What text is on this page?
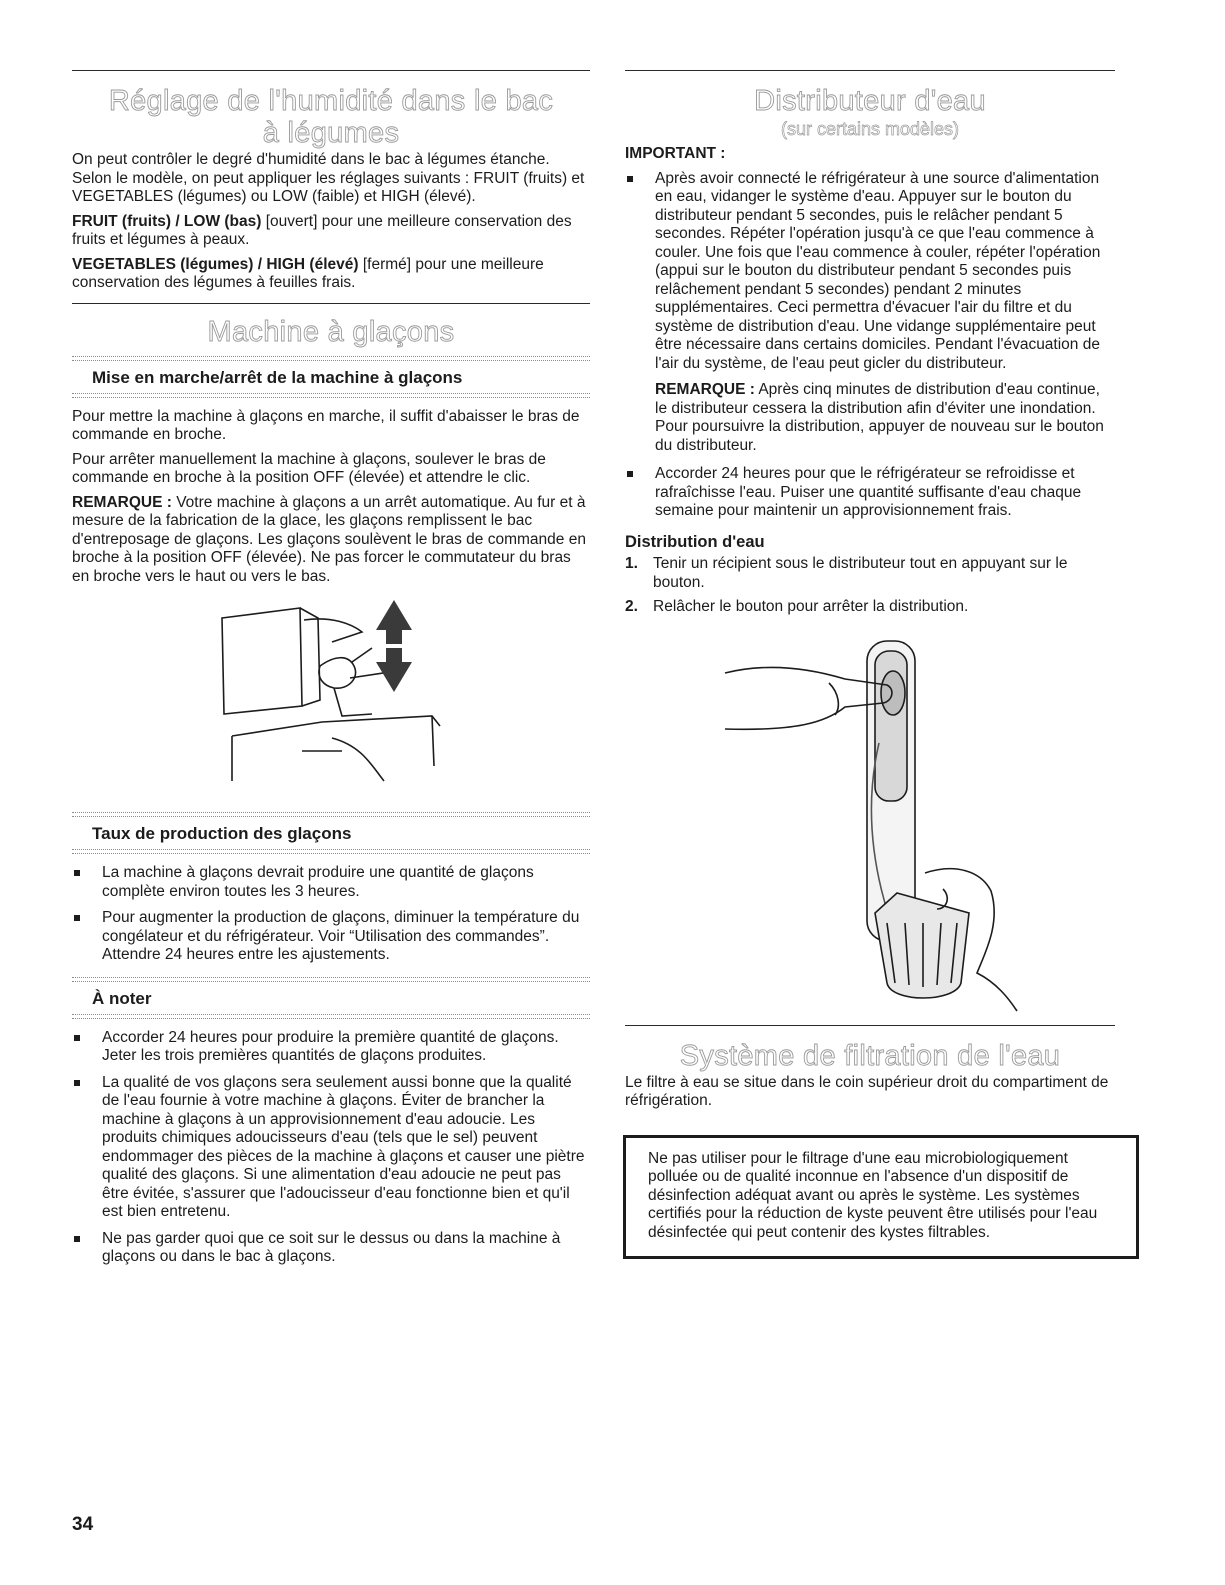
Réglage de l'humidité dans le bac
à légumes

On peut contrôler le degré d'humidité dans le bac à légumes étanche. Selon le modèle, on peut appliquer les réglages suivants : FRUIT (fruits) et VEGETABLES (légumes) ou LOW (faible) et HIGH (élevé).

FRUIT (fruits) / LOW (bas) [ouvert] pour une meilleure conservation des fruits et légumes à peaux.

VEGETABLES (légumes) / HIGH (élevé) [fermé] pour une meilleure conservation des légumes à feuilles frais.

Machine à glaçons
Mise en marche/arrêt de la machine à glaçons

Pour mettre la machine à glaçons en marche, il suffit d'abaisser le bras de commande en broche.

Pour arrêter manuellement la machine à glaçons, soulever le bras de commande en broche à la position OFF (élevée) et attendre le clic.

REMARQUE : Votre machine à glaçons a un arrêt automatique. Au fur et à mesure de la fabrication de la glace, les glaçons remplissent le bac d'entreposage de glaçons. Les glaçons soulèvent le bras de commande en broche à la position OFF (élevée). Ne pas forcer le commutateur du bras en broche vers le haut ou vers le bas.

Taux de production des glaçons
La machine à glaçons devrait produire une quantité de glaçons complète environ toutes les 3 heures.
Pour augmenter la production de glaçons, diminuer la température du congélateur et du réfrigérateur. Voir “Utilisation des commandes”. Attendre 24 heures entre les ajustements.
À noter
Accorder 24 heures pour produire la première quantité de glaçons. Jeter les trois premières quantités de glaçons produites.
La qualité de vos glaçons sera seulement aussi bonne que la qualité de l'eau fournie à votre machine à glaçons. Éviter de brancher la machine à glaçons à un approvisionnement d'eau adoucie. Les produits chimiques adoucisseurs d'eau (tels que le sel) peuvent endommager des pièces de la machine à glaçons et causer une piètre qualité des glaçons. Si une alimentation d'eau adoucie ne peut pas être évitée, s'assurer que l'adoucisseur d'eau fonctionne bien et qu'il est bien entretenu.
Ne pas garder quoi que ce soit sur le dessus ou dans la machine à glaçons ou dans le bac à glaçons.
Distributeur d'eau
(sur certains modèles)

IMPORTANT :

Après avoir connecté le réfrigérateur à une source d'alimentation en eau, vidanger le système d'eau. Appuyer sur le bouton du distributeur pendant 5 secondes, puis le relâcher pendant 5 secondes. Répéter l'opération jusqu'à ce que l'eau commence à couler. Une fois que l'eau commence à couler, répéter l'opération (appui sur le bouton du distributeur pendant 5 secondes puis relâchement pendant 5 secondes) pendant 2 minutes supplémentaires. Ceci permettra d'évacuer l'air du filtre et du système de distribution d'eau. Une vidange supplémentaire peut être nécessaire dans certains domiciles. Pendant l'évacuation de l'air du système, de l'eau peut gicler du distributeur.
REMARQUE : Après cinq minutes de distribution d'eau continue, le distributeur cessera la distribution afin d'éviter une inondation. Pour poursuivre la distribution, appuyer de nouveau sur le bouton du distributeur.
Accorder 24 heures pour que le réfrigérateur se refroidisse et rafraîchisse l'eau. Puiser une quantité suffisante d'eau chaque semaine pour maintenir un approvisionnement frais.
Distribution d'eau
1. Tenir un récipient sous le distributeur tout en appuyant sur le bouton.
2. Relâcher le bouton pour arrêter la distribution.
Système de filtration de l'eau

Le filtre à eau se situe dans le coin supérieur droit du compartiment de réfrigération.

Ne pas utiliser pour le filtrage d'une eau microbiologiquement polluée ou de qualité inconnue en l'absence d'un dispositif de désinfection adéquat avant ou après le système. Les systèmes certifiés pour la réduction de kyste peuvent être utilisés pour l'eau désinfectée qui peut contenir des kystes filtrables.
34
